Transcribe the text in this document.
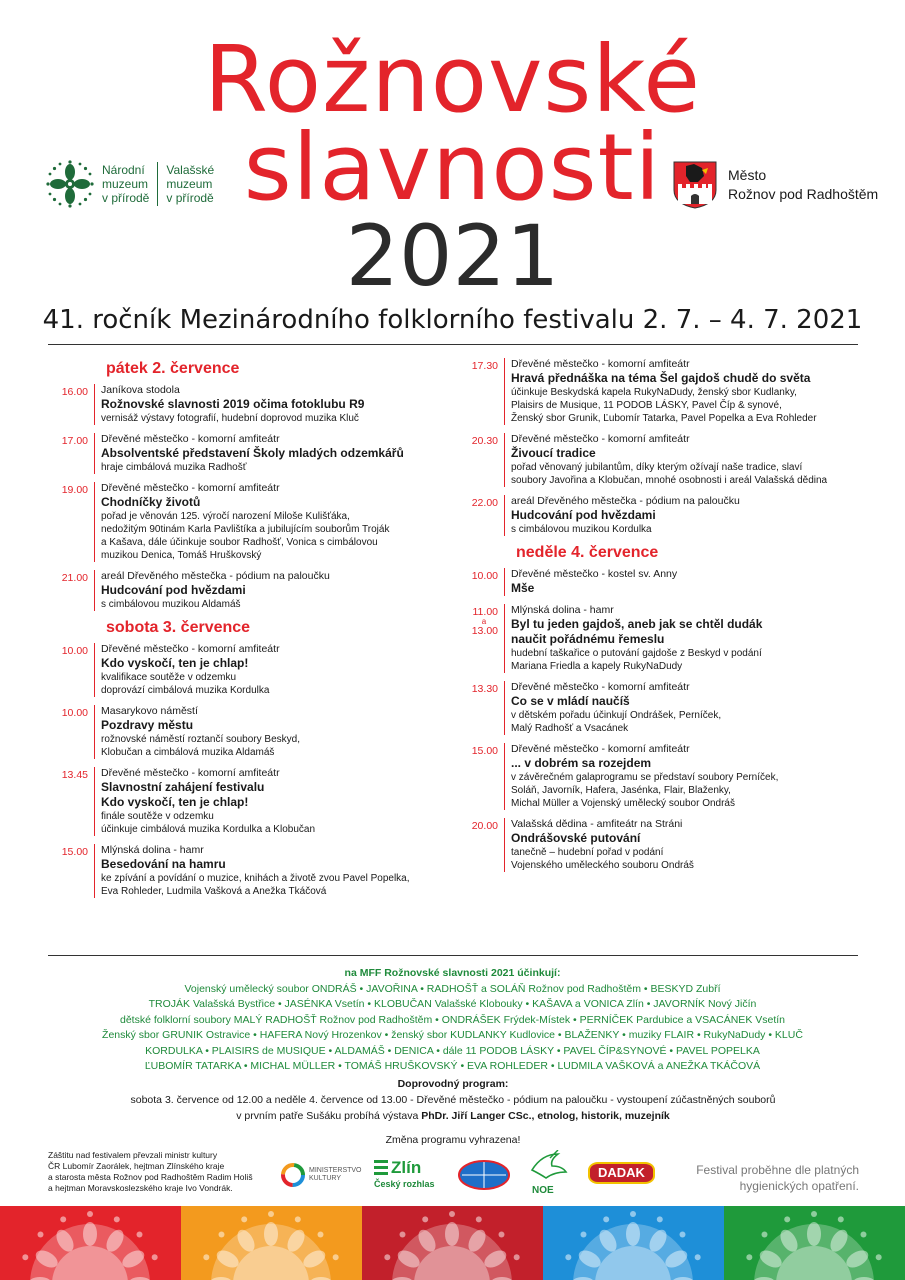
Rožnovské
slavnosti
2021
Národní
muzeum
v přírodě
Valašské
muzeum
v přírodě
Město
Rožnov pod Radhoštěm
41. ročník Mezinárodního folklorního festivalu 2. 7. – 4. 7. 2021
pátek 2. července
16.00 Janíkova stodola
Rožnovské slavnosti 2019 očima fotoklubu R9
vernisáž výstavy fotografií, hudební doprovod muzika Kluč
17.00 Dřevěné městečko - komorní amfiteátr
Absolventské představení Školy mladých odzemkářů
hraje cimbálová muzika Radhošť
19.00 Dřevěné městečko - komorní amfiteátr
Chodníčky životů
pořad je věnován 125. výročí narození Miloše Kulišťáka,
nedožitým 90tinám Karla Pavlištíka a jubilujícím souborům Troják
a Kašava, dále účinkuje soubor Radhošť, Vonica s cimbálovou
muzikou Denica, Tomáš Hruškovský
21.00 areál Dřevěného městečka - pódium na paloučku
Hudcování pod hvězdami
s cimbálovou muzikou Aldamáš
sobota 3. července
10.00 Dřevěné městečko - komorní amfiteátr
Kdo vyskočí, ten je chlap!
kvalifikace soutěže v odzemku
doprovází cimbálová muzika Kordulka
10.00 Masarykovo náměstí
Pozdravy městu
rožnovské náměstí roztančí soubory Beskyd,
Klobučan a cimbálová muzika Aldamáš
13.45 Dřevěné městečko - komorní amfiteátr
Slavnostní zahájení festivalu
Kdo vyskočí, ten je chlap!
finále soutěže v odzemku
účinkuje cimbálová muzika Kordulka a Klobučan
15.00 Mlýnská dolina - hamr
Besedování na hamru
ke zpívání a povídání o muzice, knihách a životě zvou Pavel Popelka,
Eva Rohleder, Ludmila Vašková a Anežka Tkáčová
17.30 Dřevěné městečko - komorní amfiteátr
Hravá přednáška na téma Šel gajdoš chudě do světa
účinkuje Beskydská kapela RukyNaDudy, ženský sbor Kudlanky,
Plaisirs de Musique, 11 PODOB LÁSKY, Pavel Číp & synové,
Ženský sbor Grunik, Ľubomír Tatarka, Pavel Popelka a Eva Rohleder
20.30 Dřevěné městečko - komorní amfiteátr
Živoucí tradice
pořad věnovaný jubilantům, díky kterým ožívají naše tradice, slaví
soubory Javořina a Klobučan, mnohé osobnosti i areál Valašská dědina
22.00 areál Dřevěného městečka - pódium na paloučku
Hudcování pod hvězdami
s cimbálovou muzikou Kordulka
neděle 4. července
10.00 Dřevěné městečko - kostel sv. Anny
Mše
11.00
a
13.00
Mlýnská dolina - hamr
Byl tu jeden gajdoš, aneb jak se chtěl dudák
naučit pořádnému řemeslu
hudební taškařice o putování gajdoše z Beskyd v podání
Mariana Friedla a kapely RukyNaDudy
13.30 Dřevěné městečko - komorní amfiteátr
Co se v mládí naučíš
v dětském pořadu účinkují Ondrášek, Perníček,
Malý Radhošť a Vsacánek
15.00 Dřevěné městečko - komorní amfiteátr
... v dobrém sa rozejdem
v závěrečném galaprogramu se představí soubory Perníček,
Soláň, Javorník, Hafera, Jasénka, Flair, Blaženky,
Michal Müller a Vojenský umělecký soubor Ondráš
20.00 Valašská dědina - amfiteátr na Stráni
Ondrášovské putování
tanečně – hudební pořad v podání
Vojenského uměleckého souboru Ondráš
na MFF Rožnovské slavnosti 2021 účinkují:
Vojenský umělecký soubor ONDRÁŠ • JAVOŘINA • RADHOŠŤ a SOLÁŇ Rožnov pod Radhoštěm • BESKYD Zubří
TROJÁK Valašská Bystřice • JASÉNKA Vsetín • KLOBUČAN Valašské Klobouky • KAŠAVA a VONICA Zlín • JAVORNÍK Nový Jičín
dětské folklorní soubory MALÝ RADHOŠŤ Rožnov pod Radhoštěm • ONDRÁŠEK Frýdek-Místek • PERNÍČEK Pardubice a VSACÁNEK Vsetín
Ženský sbor GRUNIK Ostravice • HAFERA Nový Hrozenkov • ženský sbor KUDLANKY Kudlovice • BLAŽENKY • muziky FLAIR • RukyNaDudy • KLUČ
KORDULKA • PLAISIRS de MUSIQUE • ALDAMÁŠ • DENICA • dále 11 PODOB LÁSKY • PAVEL ČÍP&SYNOVÉ • PAVEL POPELKA
ĽUBOMÍR TATARKA • MICHAL MÜLLER • TOMÁŠ HRUŠKOVSKÝ • EVA ROHLEDER • LUDMILA VAŠKOVÁ a ANEŽKA TKÁČOVÁ
Doprovodný program:
sobota 3. července od 12.00 a neděle 4. července od 13.00 - Dřevěné městečko - pódium na paloučku - vystoupení zúčastněných souborů
v prvním patře Sušáku probíhá výstava PhDr. Jiří Langer CSc., etnolog, historik, muzejník
Změna programu vyhrazena!
Záštitu nad festivalem převzali ministr kultury
ČR Lubomír Zaorálek, hejtman Zlínského kraje
a starosta města Rožnov pod Radhoštěm Radim Holiš
a hejtman Moravskoslezského kraje Ivo Vondrák.
MINISTERSTVO KULTURY
Zlín
Český rozhlas
NOE
DADAK	Festival proběhne dle platných
hygienických opatření.
